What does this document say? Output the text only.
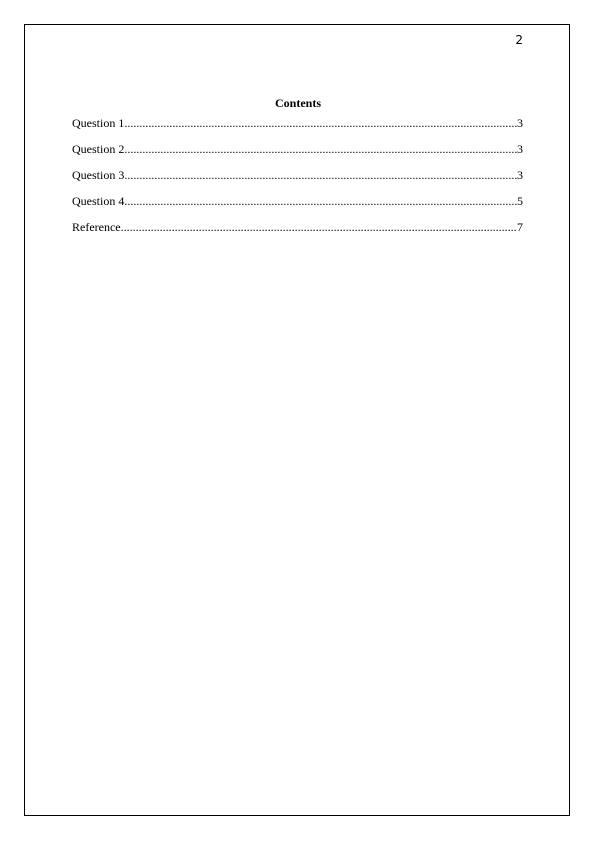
2
Contents
Question 1 .....	3
Question 2 .....	3
Question 3 .....	3
Question 4 .....	5
Reference .....	7
